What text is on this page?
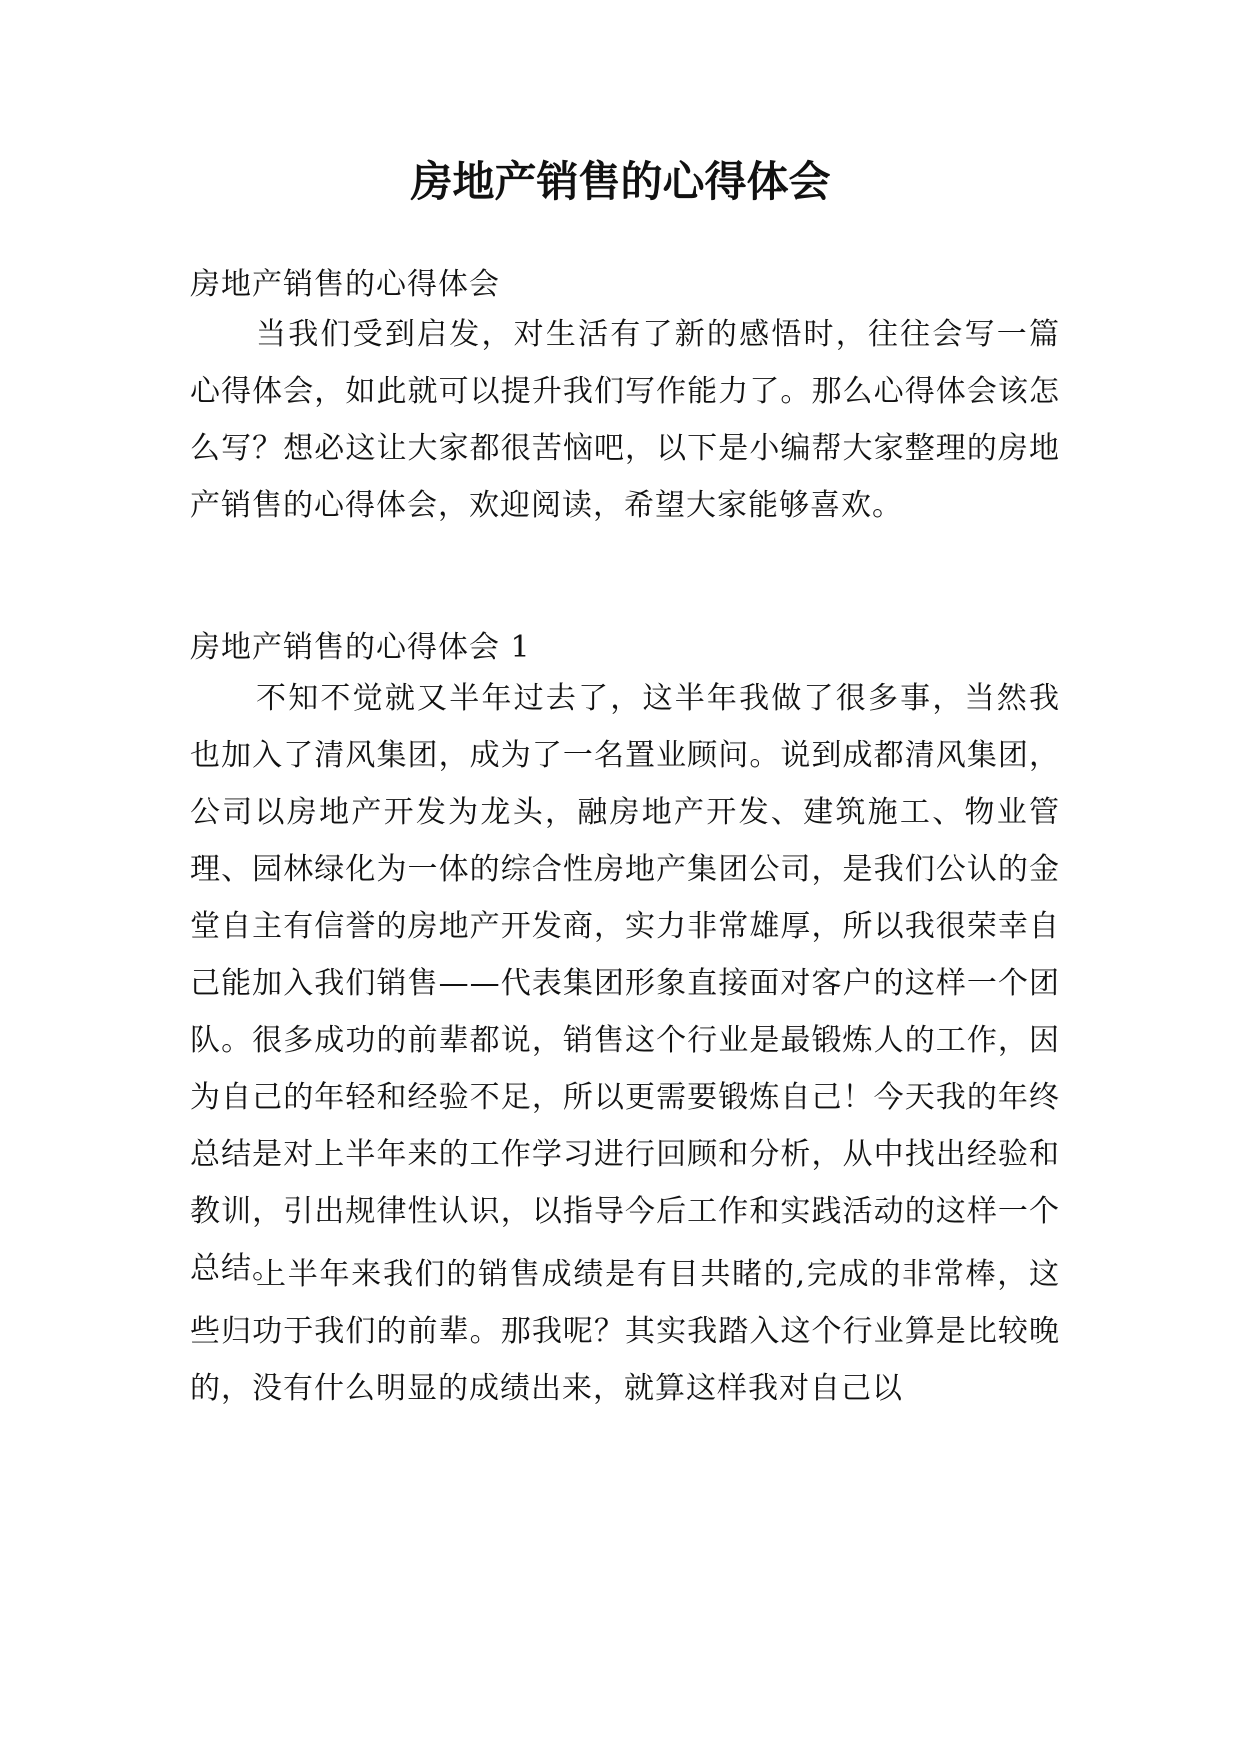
房地产销售的心得体会

房地产销售的心得体会

当我们受到启发，对生活有了新的感悟时，往往会写一篇心得体会，如此就可以提升我们写作能力了。那么心得体会该怎么写？想必这让大家都很苦恼吧，以下是小编帮大家整理的房地产销售的心得体会，欢迎阅读，希望大家能够喜欢。

房地产销售的心得体会 1

不知不觉就又半年过去了，这半年我做了很多事，当然我也加入了清风集团，成为了一名置业顾问。说到成都清风集团，公司以房地产开发为龙头，融房地产开发、建筑施工、物业管理、园林绿化为一体的综合性房地产集团公司，是我们公认的金堂自主有信誉的房地产开发商，实力非常雄厚，所以我很荣幸自己能加入我们销售——代表集团形象直接面对客户的这样一个团队。很多成功的前辈都说，销售这个行业是最锻炼人的工作，因为自己的年轻和经验不足，所以更需要锻炼自己！今天我的年终总结是对上半年来的工作学习进行回顾和分析，从中找出经验和教训，引出规律性认识，以指导今后工作和实践活动的这样一个总结。

上半年来我们的销售成绩是有目共睹的,完成的非常棒，这些归功于我们的前辈。那我呢？其实我踏入这个行业算是比较晚的，没有什么明显的成绩出来，就算这样我对自己以
